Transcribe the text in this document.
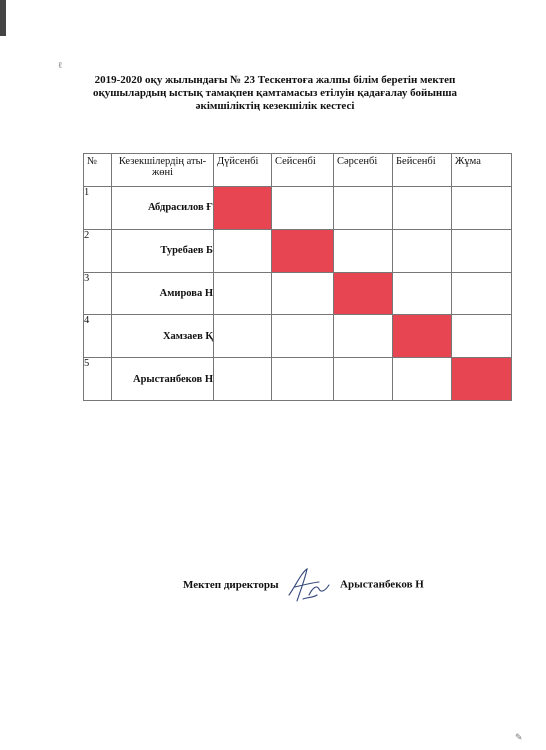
ℓ
✎
2019-2020 оқу жылындағы № 23 Тескентоғa жалпы білім беретін мектеп
оқушылардың ыстық тамақпен қамтамасыз етілуін қадағалау бойынша
әкімшіліктің кезекшілік кестесі
№	Кезекшілердің аты-жөні	Дүйсенбі	Сейсенбі	Сәрсенбі	Бейсенбі	Жұма
1	Абдрасилов Ғ					
2	Туребаев Б					
3	Амирова Н					
4	Хамзаев Қ					
5	Арыстанбеков Н					
Мектеп директоры	Арыстанбеков Н
